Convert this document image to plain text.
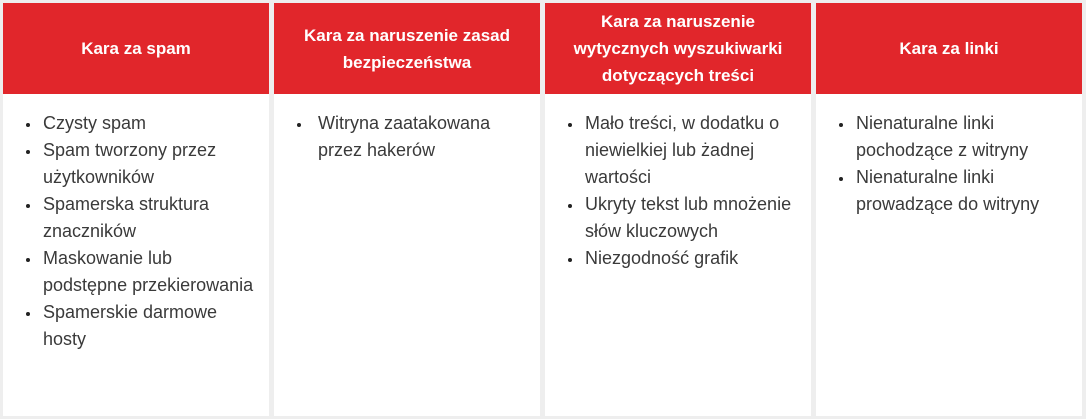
Kara za spam
• Czysty spam
• Spam tworzony przez użytkowników
• Spamerska struktura znaczników
• Maskowanie lub podstępne przekierowania
• Spamerskie darmowe hosty
Kara za naruszenie zasad bezpieczeństwa
• Witryna zaatakowana przez hakerów
Kara za naruszenie wytycznych wyszukiwarki dotyczących treści
• Mało treści, w dodatku o niewielkiej lub żadnej wartości
• Ukryty tekst lub mnożenie słów kluczowych
• Niezgodność grafik
Kara za linki
• Nienaturalne linki pochodzące z witryny
• Nienaturalne linki prowadzące do witryny
